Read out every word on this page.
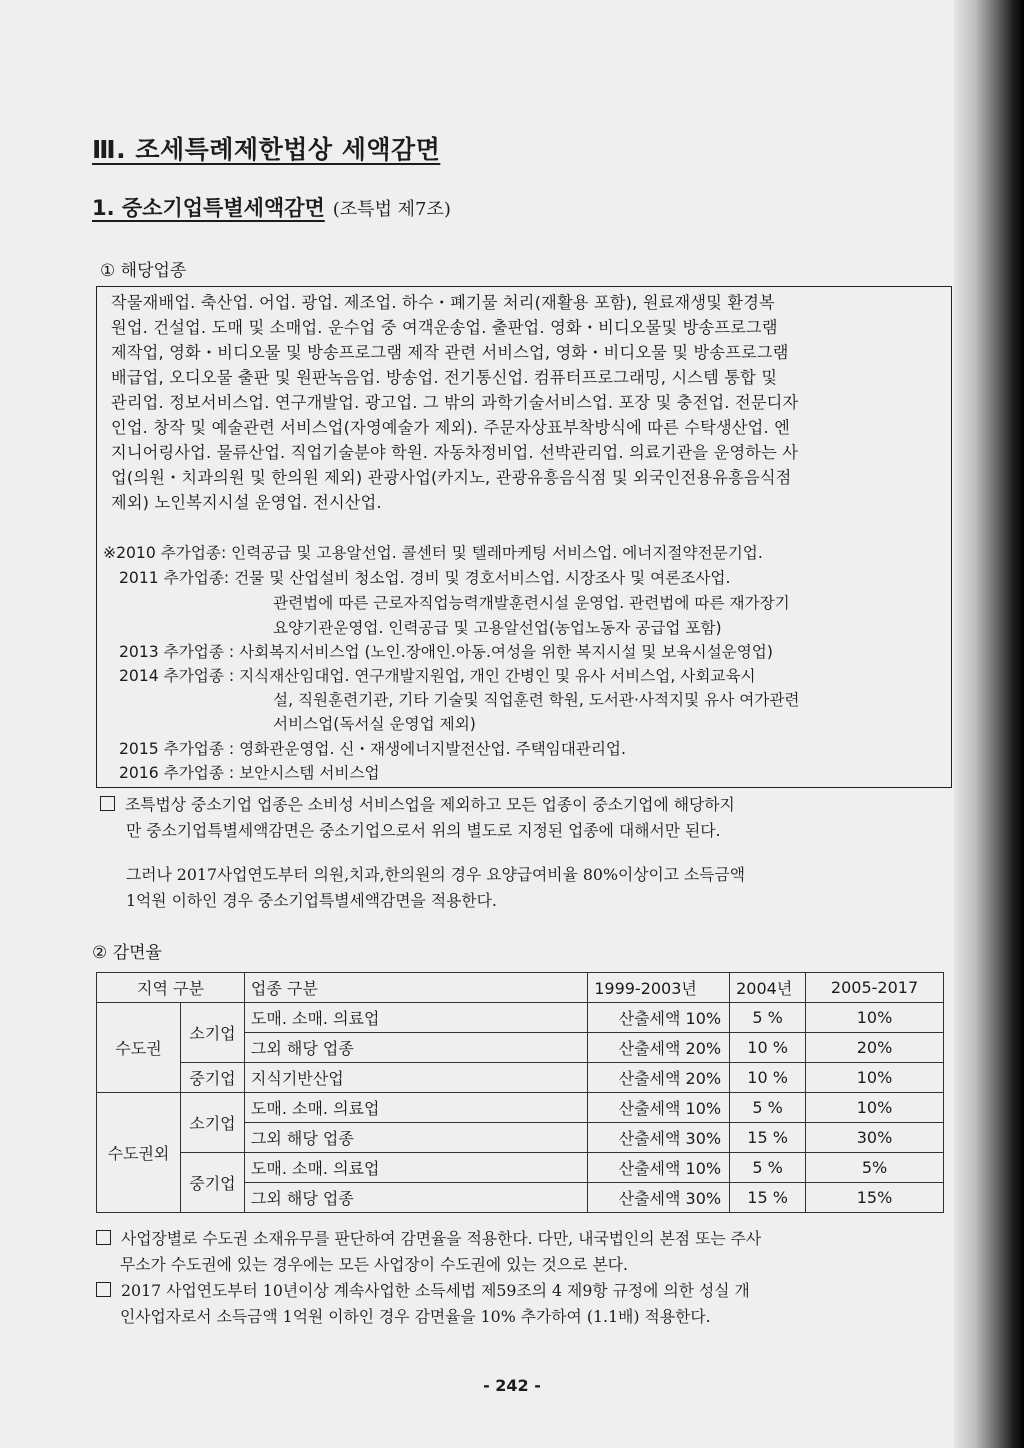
Ⅲ. 조세특례제한법상 세액감면
1. 중소기업특별세액감면 (조특법 제7조)
① 해당업종
작물재배업. 축산업. 어업. 광업. 제조업. 하수・폐기물 처리(재활용 포함), 원료재생및 환경복
원업. 건설업. 도매 및 소매업. 운수업 중 여객운송업. 출판업. 영화・비디오물및 방송프로그램
제작업, 영화・비디오물 및 방송프로그램 제작 관련 서비스업, 영화・비디오물 및 방송프로그램
배급업, 오디오물 출판 및 원판녹음업. 방송업. 전기통신업. 컴퓨터프로그래밍, 시스템 통합 및
관리업. 정보서비스업. 연구개발업. 광고업. 그 밖의 과학기술서비스업. 포장 및 충전업. 전문디자
인업. 창작 및 예술관련 서비스업(자영예술가 제외). 주문자상표부착방식에 따른 수탁생산업. 엔
지니어링사업. 물류산업. 직업기술분야 학원. 자동차정비업. 선박관리업. 의료기관을 운영하는 사
업(의원・치과의원 및 한의원 제외) 관광사업(카지노, 관광유흥음식점 및 외국인전용유흥음식점
제외) 노인복지시설 운영업. 전시산업.
※2010 추가업종: 인력공급 및 고용알선업. 콜센터 및 텔레마케팅 서비스업. 에너지절약전문기업.
2011 추가업종: 건물 및 산업설비 청소업. 경비 및 경호서비스업. 시장조사 및 여론조사업.
관련법에 따른 근로자직업능력개발훈련시설 운영업. 관련법에 따른 재가장기
요양기관운영업. 인력공급 및 고용알선업(농업노동자 공급업 포함)
2013 추가업종 : 사회복지서비스업 (노인.장애인.아동.여성을 위한 복지시설 및 보육시설운영업)
2014 추가업종 : 지식재산임대업. 연구개발지원업, 개인 간병인 및 유사 서비스업, 사회교육시
설, 직원훈련기관, 기타 기술및 직업훈련 학원, 도서관·사적지및 유사 여가관련
서비스업(독서실 운영업 제외)
2015 추가업종 : 영화관운영업. 신・재생에너지발전산업. 주택임대관리업.
2016 추가업종 : 보안시스템 서비스업
조특법상 중소기업 업종은 소비성 서비스업을 제외하고 모든 업종이 중소기업에 해당하지
만 중소기업특별세액감면은 중소기업으로서 위의 별도로 지정된 업종에 대해서만 된다.
그러나 2017사업연도부터 의원,치과,한의원의 경우 요양급여비율 80%이상이고 소득금액
1억원 이하인 경우 중소기업특별세액감면을 적용한다.
② 감면율
지역 구분		업종 구분	1999-2003년	2004년	2005-2017
수도권	소기업	도매. 소매. 의료업	산출세액 10%	5 %	10%
		그외 해당 업종	산출세액 20%	10 %	20%
	중기업	지식기반산업	산출세액 20%	10 %	10%
수도권외	소기업	도매. 소매. 의료업	산출세액 10%	5 %	10%
		그외 해당 업종	산출세액 30%	15 %	30%
	중기업	도매. 소매. 의료업	산출세액 10%	5 %	5%
		그외 해당 업종	산출세액 30%	15 %	15%
사업장별로 수도권 소재유무를 판단하여 감면율을 적용한다. 다만, 내국법인의 본점 또는 주사
무소가 수도권에 있는 경우에는 모든 사업장이 수도권에 있는 것으로 본다.
2017 사업연도부터 10년이상 계속사업한 소득세법 제59조의 4 제9항 규정에 의한 성실 개
인사업자로서 소득금액 1억원 이하인 경우 감면율을 10% 추가하여 (1.1배) 적용한다.
- 242 -
